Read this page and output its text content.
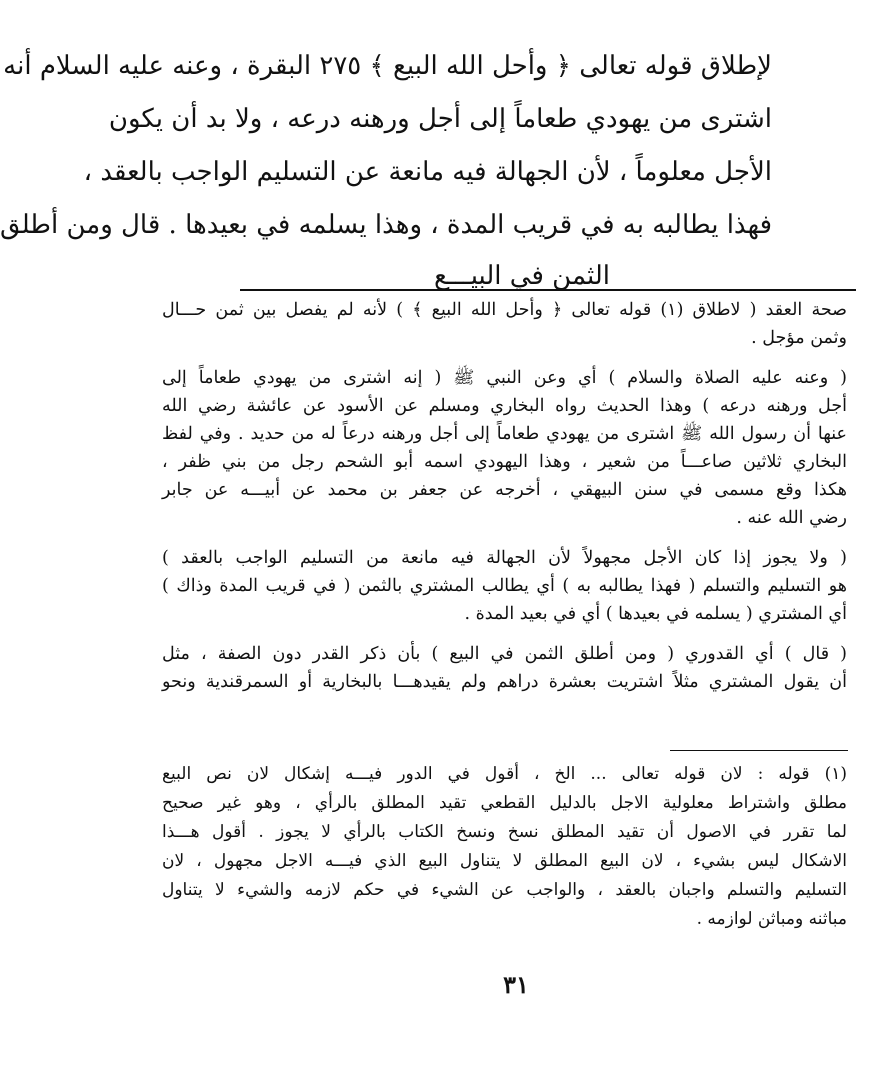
لإطلاق قوله تعالى ﴿ وأحل الله البيع ﴾ ٢٧٥ البقرة ، وعنه عليه السلام أنه
اشترى من يهودي طعاماً إلى أجل ورهنه درعه ، ولا بد أن يكون
الأجل معلوماً ، لأن الجهالة فيه مانعة عن التسليم الواجب بالعقد ،
فهذا يطالبه به في قريب المدة ، وهذا يسلمه في بعيدها . قال ومن أطلق
الثمن في البيـــع
صحة العقد ( لاطلاق (١) قوله تعالى ﴿ وأحل الله البيع ﴾ ) لأنه لم يفصل بين ثمن حـــال
وثمن مؤجل .
( وعنه عليه الصلاة والسلام ) أي وعن النبي ﷺ ( إنه اشترى من يهودي طعاماً إلى
أجل ورهنه درعه ) وهذا الحديث رواه البخاري ومسلم عن الأسود عن عائشة رضي الله
عنها أن رسول الله ﷺ اشترى من يهودي طعاماً إلى أجل ورهنه درعاً له من حديد . وفي لفظ
البخاري ثلاثين صاعـــاً من شعير ، وهذا اليهودي اسمه أبو الشحم رجل من بني ظفر ،
هكذا وقع مسمى في سنن البيهقي ، أخرجه عن جعفر بن محمد عن أبيـــه عن جابر
رضي الله عنه .
( ولا يجوز إذا كان الأجل مجهولاً لأن الجهالة فيه مانعة من التسليم الواجب بالعقد )
هو التسليم والتسلم ( فهذا يطالبه به ) أي يطالب المشتري بالثمن ( في قريب المدة وذاك )
أي المشتري ( يسلمه في بعيدها ) أي في بعيد المدة .
( قال ) أي القدوري ( ومن أطلق الثمن في البيع ) بأن ذكر القدر دون الصفة ، مثل
أن يقول المشتري مثلاً اشتريت بعشرة دراهم ولم يقيدهـــا بالبخارية أو السمرقندية ونحو
(١) قوله : لان قوله تعالى ... الخ ، أقول في الدور فيـــه إشكال لان نص البيع
مطلق واشتراط معلولية الاجل بالدليل القطعي تقيد المطلق بالرأي ، وهو غير صحيح
لما تقرر في الاصول أن تقيد المطلق نسخ ونسخ الكتاب بالرأي لا يجوز . أقول هـــذا
الاشكال ليس بشيء ، لان البيع المطلق لا يتناول البيع الذي فيـــه الاجل مجهول ، لان
التسليم والتسلم واجبان بالعقد ، والواجب عن الشيء في حكم لازمه والشيء لا يتناول
مباثنه ومباثن لوازمه .
٣١
